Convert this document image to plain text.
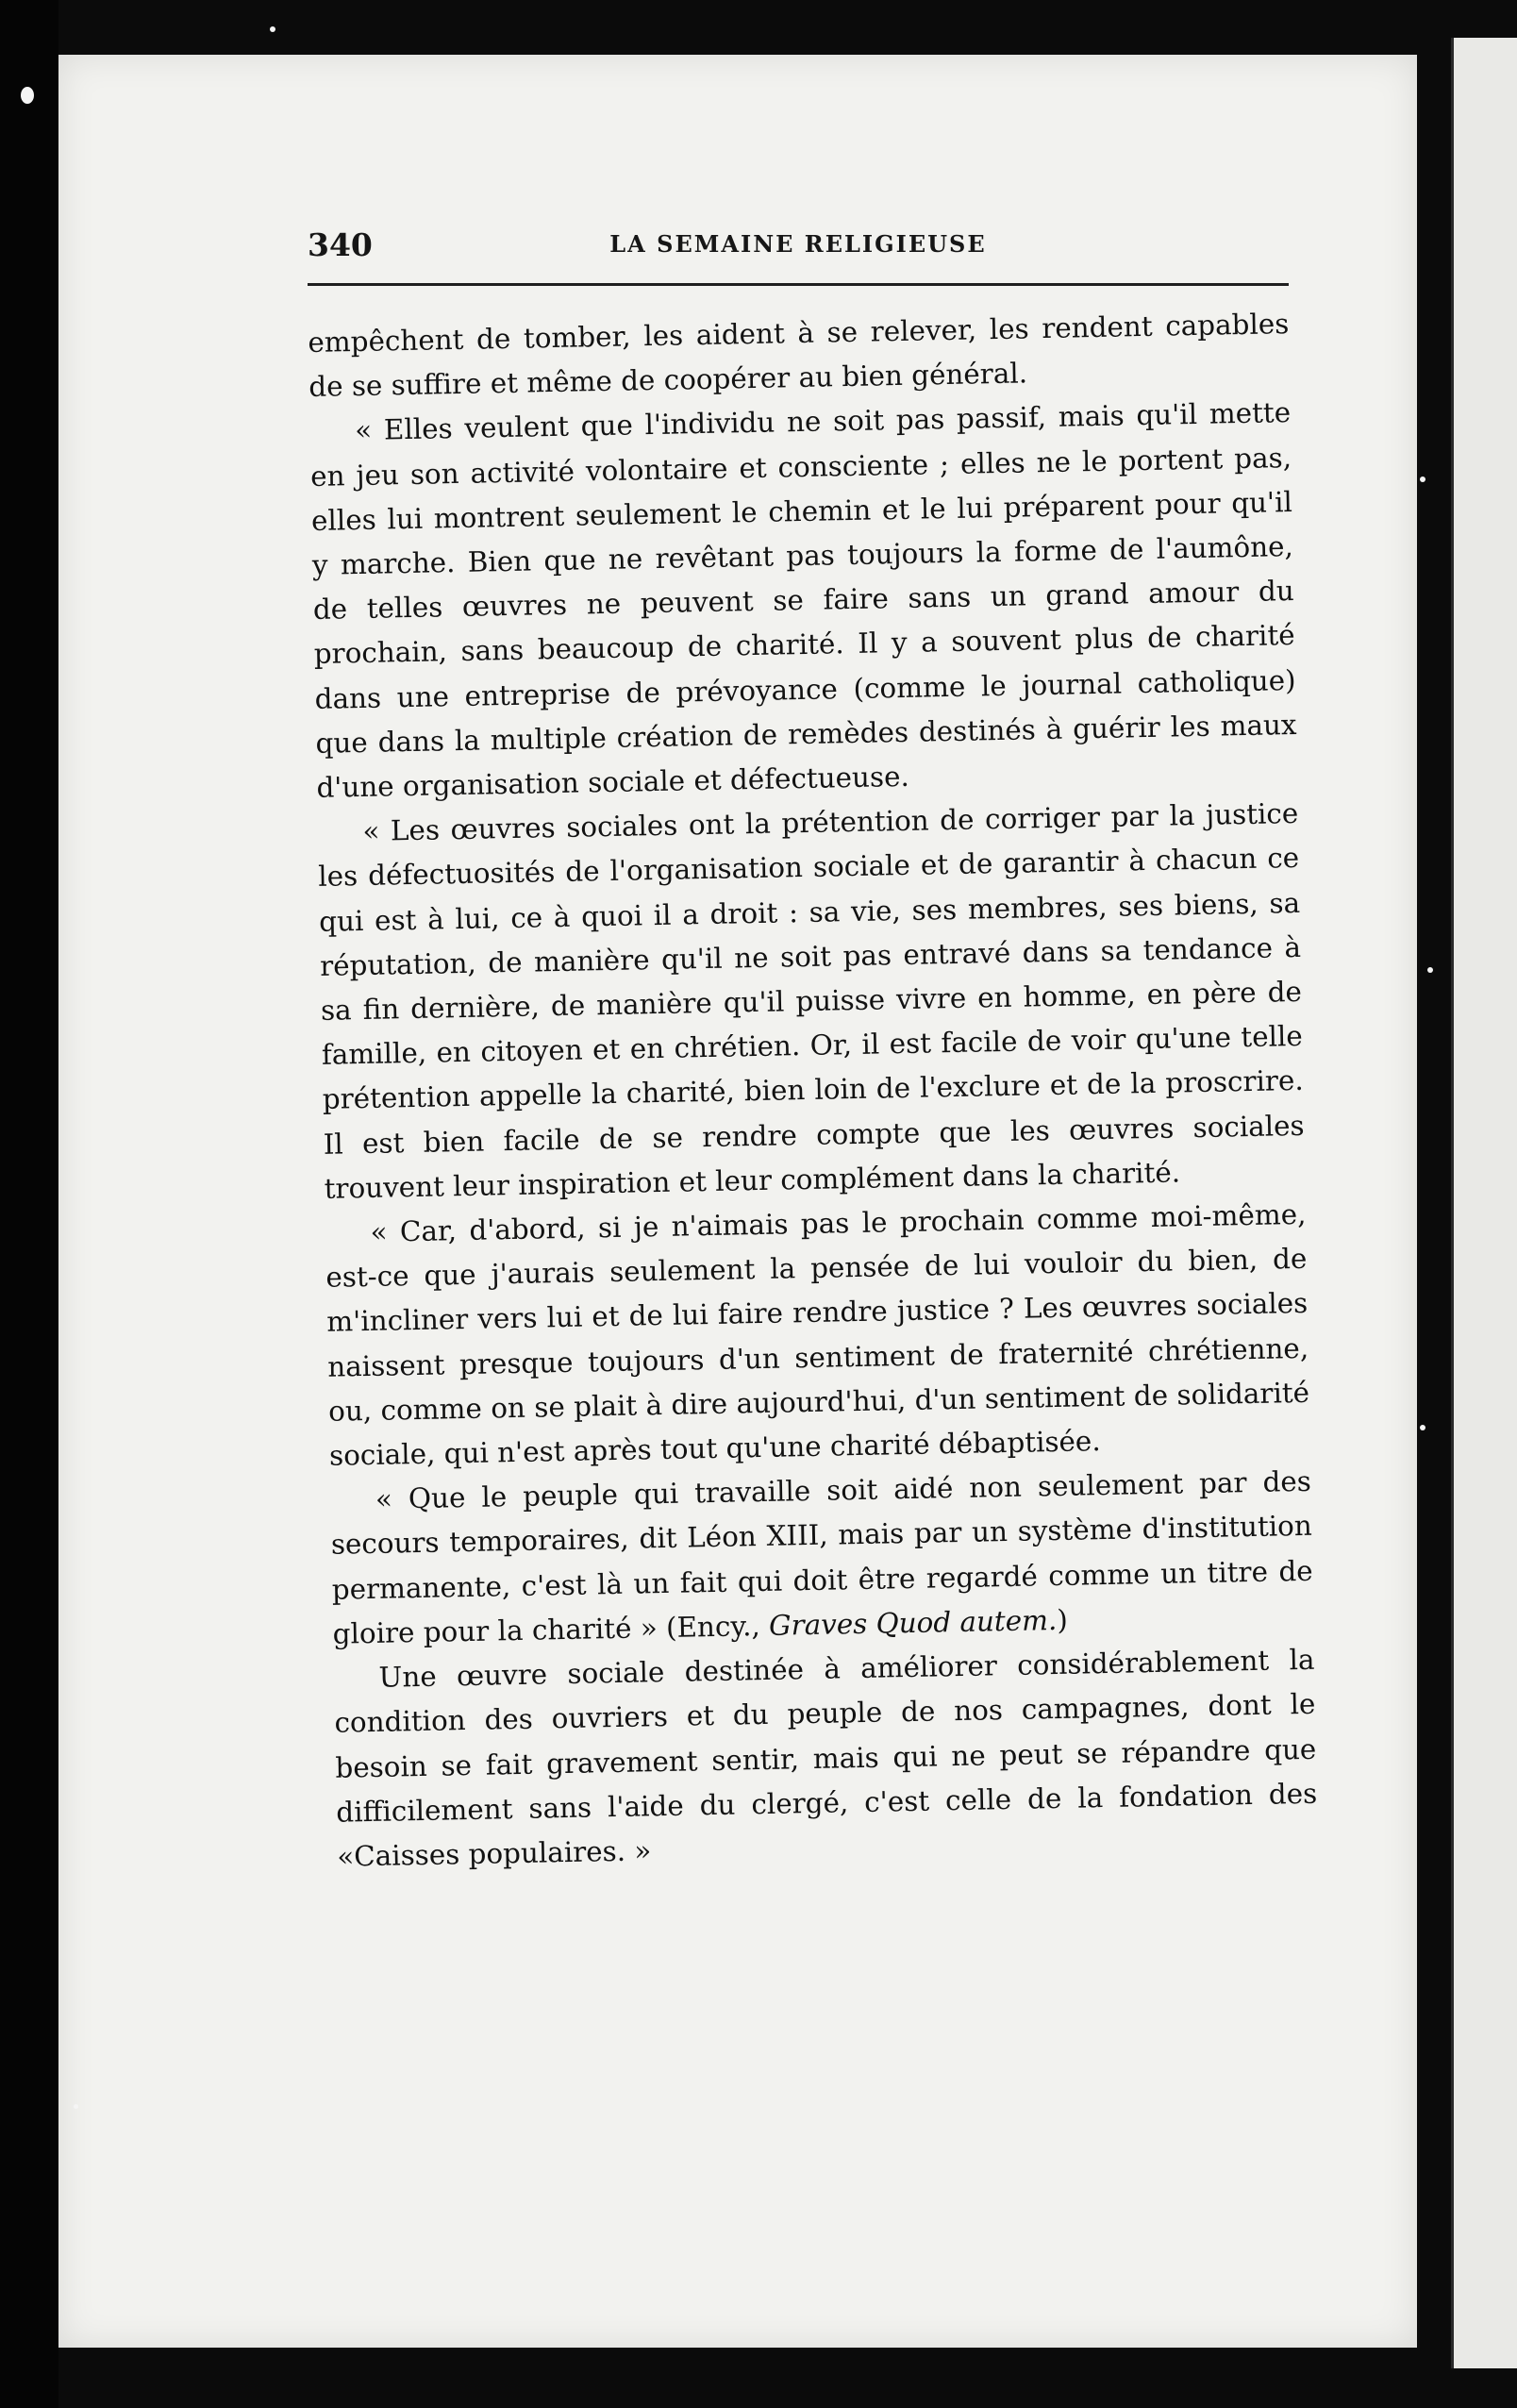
340	LA SEMAINE RELIGIEUSE

empêchent de tomber, les aident à se relever, les rendent capables de se suffire et même de coopérer au bien général.

« Elles veulent que l'individu ne soit pas passif, mais qu'il mette en jeu son activité volontaire et consciente ; elles ne le portent pas, elles lui montrent seulement le chemin et le lui préparent pour qu'il y marche. Bien que ne revêtant pas toujours la forme de l'aumône, de telles œuvres ne peuvent se faire sans un grand amour du prochain, sans beaucoup de charité. Il y a souvent plus de charité dans une entreprise de prévoyance (comme le journal catholique) que dans la multiple création de remèdes destinés à guérir les maux d'une organisation sociale et défectueuse.

« Les œuvres sociales ont la prétention de corriger par la justice les défectuosités de l'organisation sociale et de garantir à chacun ce qui est à lui, ce à quoi il a droit : sa vie, ses membres, ses biens, sa réputation, de manière qu'il ne soit pas entravé dans sa tendance à sa fin dernière, de manière qu'il puisse vivre en homme, en père de famille, en citoyen et en chrétien. Or, il est facile de voir qu'une telle prétention appelle la charité, bien loin de l'exclure et de la proscrire. Il est bien facile de se rendre compte que les œuvres sociales trouvent leur inspiration et leur complément dans la charité.

« Car, d'abord, si je n'aimais pas le prochain comme moi-même, est-ce que j'aurais seulement la pensée de lui vouloir du bien, de m'incliner vers lui et de lui faire rendre justice ? Les œuvres sociales naissent presque toujours d'un sentiment de fraternité chrétienne, ou, comme on se plait à dire aujourd'hui, d'un sentiment de solidarité sociale, qui n'est après tout qu'une charité débaptisée.

« Que le peuple qui travaille soit aidé non seulement par des secours temporaires, dit Léon XIII, mais par un système d'institution permanente, c'est là un fait qui doit être regardé comme un titre de gloire pour la charité » (Ency., Graves Quod autem.)

Une œuvre sociale destinée à améliorer considérablement la condition des ouvriers et du peuple de nos campagnes, dont le besoin se fait gravement sentir, mais qui ne peut se répandre que difficilement sans l'aide du clergé, c'est celle de la fondation des «Caisses populaires. »
